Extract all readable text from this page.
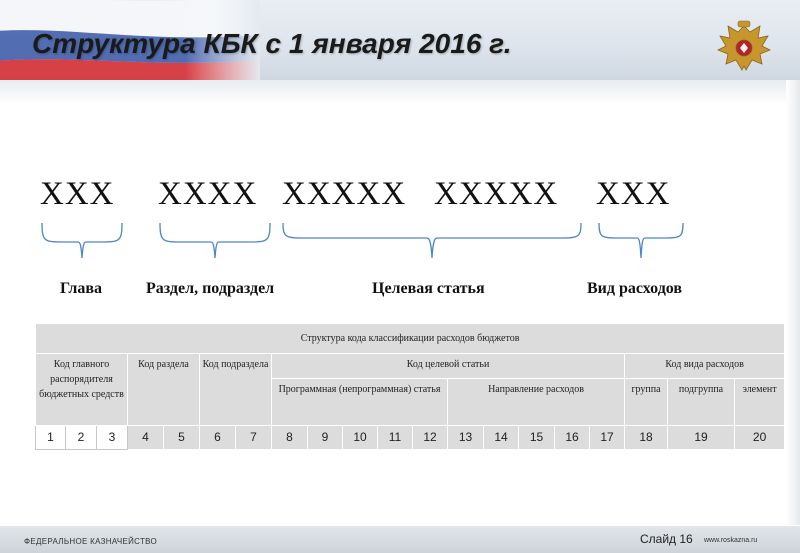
Структура КБК с 1 января 2016 г.
XXX XXXX XXXXX XXXXX XXX
Глава	Раздел, подраздел	Целевая статья	Вид расходов
Структура кода классификации расходов бюджетов																			
Код главного распорядителя бюджетных средств			Код раздела		Код подраздела		Код целевой статьи										Код вида расходов		
							Программная (непрограммная) статья					Направление расходов					группа	подгруппа	элемент
1	2	3	4	5	6	7	8	9	10	11	12	13	14	15	16	17	18	19	20
ФЕДЕРАЛЬНОЕ КАЗНАЧЕЙСТВО	Слайд 16 www.roskazna.ru
